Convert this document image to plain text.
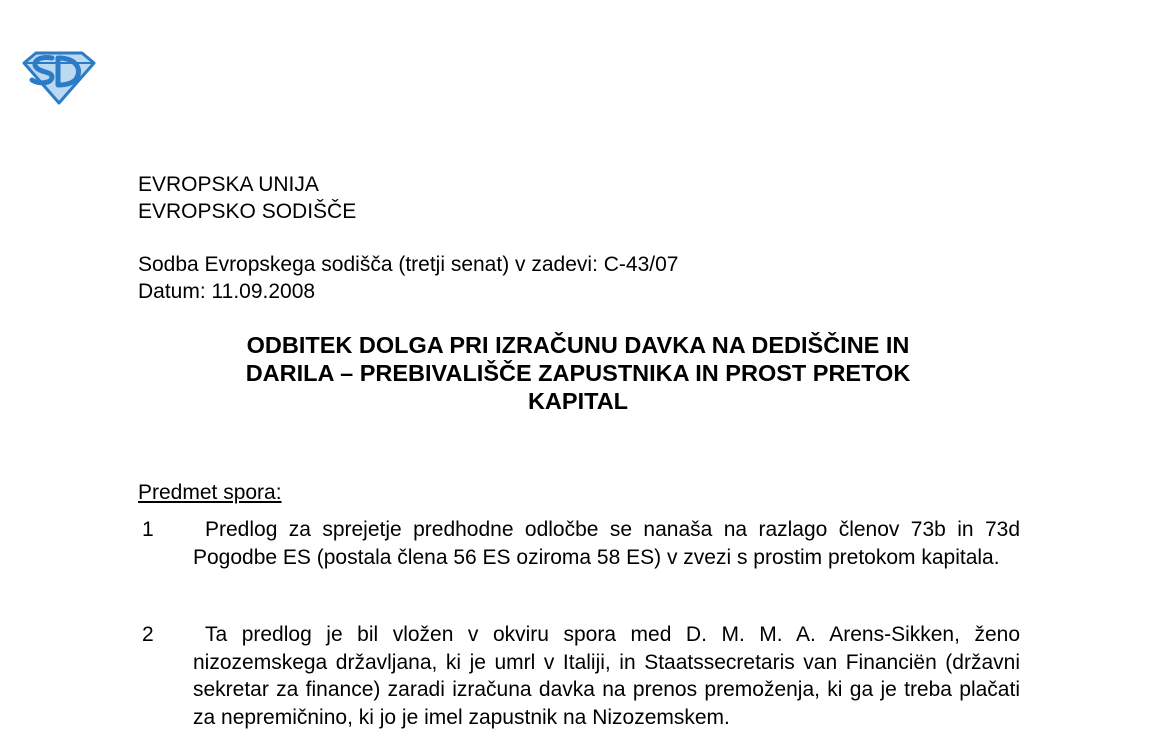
EVROPSKA UNIJA
EVROPSKO SODIŠČE
Sodba Evropskega sodišča (tretji senat) v zadevi: C-43/07
Datum: 11.09.2008
ODBITEK DOLGA PRI IZRAČUNU DAVKA NA DEDIŠČINE IN
DARILA – PREBIVALIŠČE ZAPUSTNIKA IN PROST PRETOK
KAPITAL
Predmet spora:
1	Predlog za sprejetje predhodne odločbe se nanaša na razlago členov 73b in 73d Pogodbe ES (postala člena 56 ES oziroma 58 ES) v zvezi s prostim pretokom kapitala.
2	Ta predlog je bil vložen v okviru spora med D. M. M. A. Arens-Sikken, ženo nizozemskega državljana, ki je umrl v Italiji, in Staatssecretaris van Financiën (državni sekretar za finance) zaradi izračuna davka na prenos premoženja, ki ga je treba plačati za nepremičnino, ki jo je imel zapustnik na Nizozemskem.
